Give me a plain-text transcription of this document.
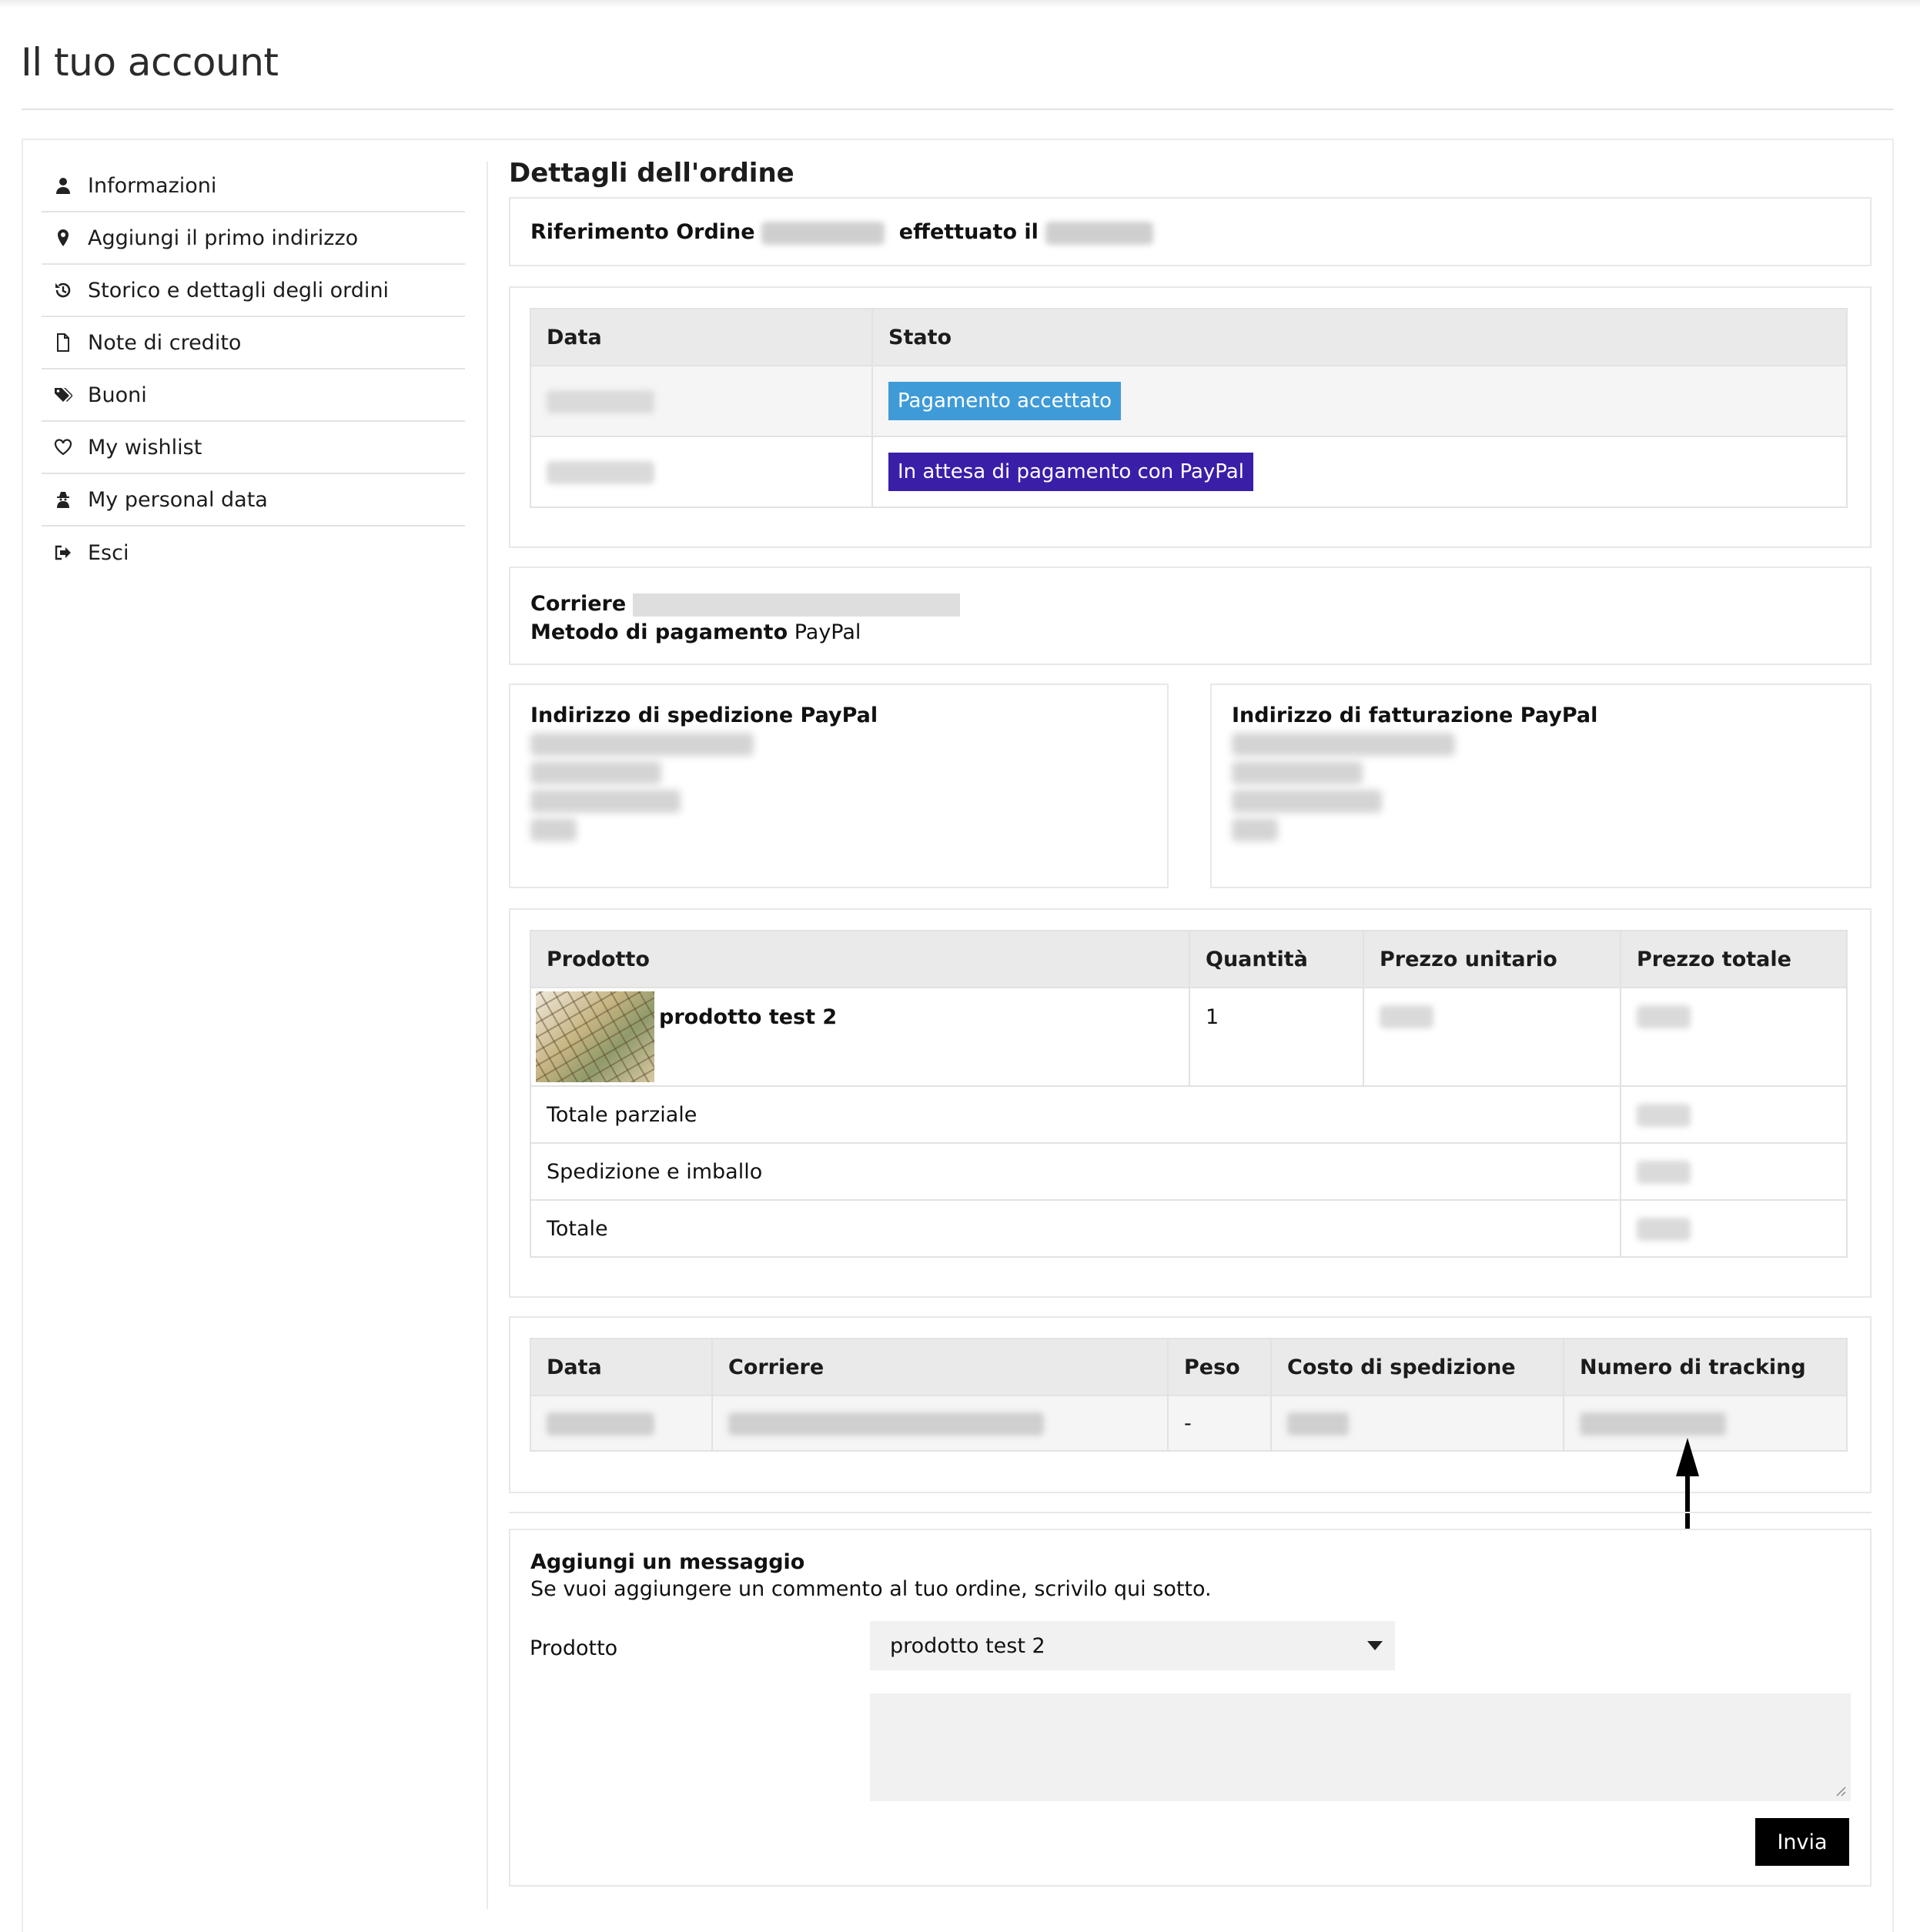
Il tuo account
Informazioni
Aggiungi il primo indirizzo
Storico e dettagli degli ordini
Note di credito
Buoni
My wishlist
My personal data
Esci
Dettagli dell'ordine
Riferimento Ordine	effettuato il
Data	Stato
	Pagamento accettato
	In attesa di pagamento con PayPal
Corriere
Metodo di pagamento PayPal
Indirizzo di spedizione PayPal	Indirizzo di fatturazione PayPal
Prodotto	Quantità	Prezzo unitario	Prezzo totale

prodotto test 2	1		
Totale parziale			
Spedizione e imballo			
Totale			
Data	Corriere	Peso	Costo di spedizione	Numero di tracking
		-		
Aggiungi un messaggio
Se vuoi aggiungere un commento al tuo ordine, scrivilo qui sotto.
Prodotto	prodotto test 2
Invia
